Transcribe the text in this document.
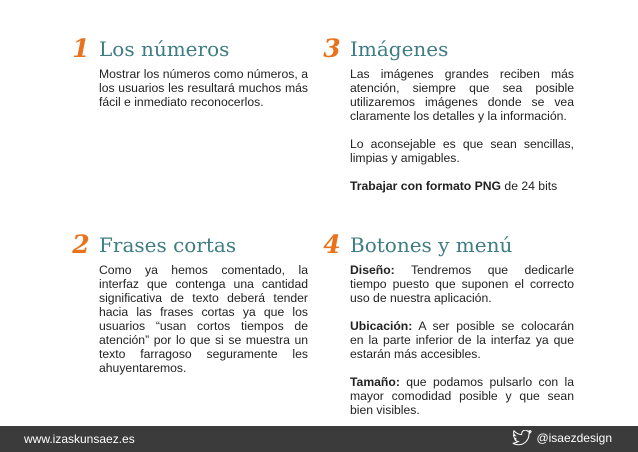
1 Los números

Mostrar los números como números, a los usuarios les resultará muchos más fácil e inmediato reconocerlos.

2 Frases cortas

Como ya hemos comentado, la interfaz que contenga una cantidad significativa de texto deberá tender hacia las frases cortas ya que los usuarios “usan cortos tiempos de atención” por lo que si se muestra un texto farragoso seguramente les ahuyentaremos.

3 Imágenes

Las imágenes grandes reciben más atención, siempre que sea posible utilizaremos imágenes donde se vea claramente los detalles y la información.

Lo aconsejable es que sean sencillas, limpias y amigables.

Trabajar con formato PNG de 24 bits

4 Botones y menú

Diseño: Tendremos que dedicarle tiempo puesto que suponen el correcto uso de nuestra aplicación.

Ubicación: A ser posible se colocarán en la parte inferior de la interfaz ya que estarán más accesibles.

Tamaño: que podamos pulsarlo con la mayor comodidad posible y que sean bien visibles.

www.izaskunsaez.es	@isaezdesign
